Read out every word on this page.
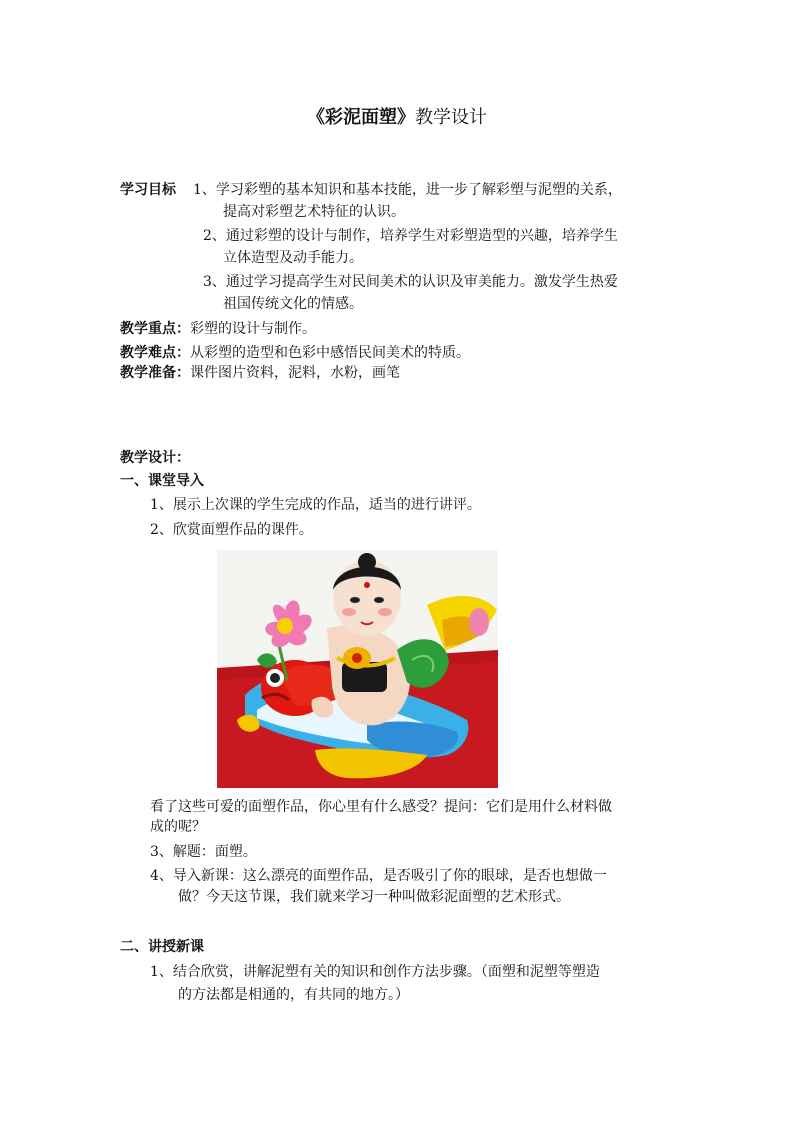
《彩泥面塑》教学设计
学习目标 1、学习彩塑的基本知识和基本技能，进一步了解彩塑与泥塑的关系，
提高对彩塑艺术特征的认识。
2、通过彩塑的设计与制作，培养学生对彩塑造型的兴趣，培养学生
立体造型及动手能力。
3、通过学习提高学生对民间美术的认识及审美能力。激发学生热爱
祖国传统文化的情感。
教学重点：彩塑的设计与制作。
教学难点：从彩塑的造型和色彩中感悟民间美术的特质。
教学准备：课件图片资料，泥料，水粉，画笔
教学设计：
一、课堂导入
1、展示上次课的学生完成的作品，适当的进行讲评。
2、欣赏面塑作品的课件。
看了这些可爱的面塑作品，你心里有什么感受？提问：它们是用什么材料做
成的呢？
3、解题：面塑。
4、导入新课：这么漂亮的面塑作品，是否吸引了你的眼球，是否也想做一
做？今天这节课，我们就来学习一种叫做彩泥面塑的艺术形式。
二、讲授新课
1、结合欣赏，讲解泥塑有关的知识和创作方法步骤。（面塑和泥塑等塑造
的方法都是相通的，有共同的地方。）
